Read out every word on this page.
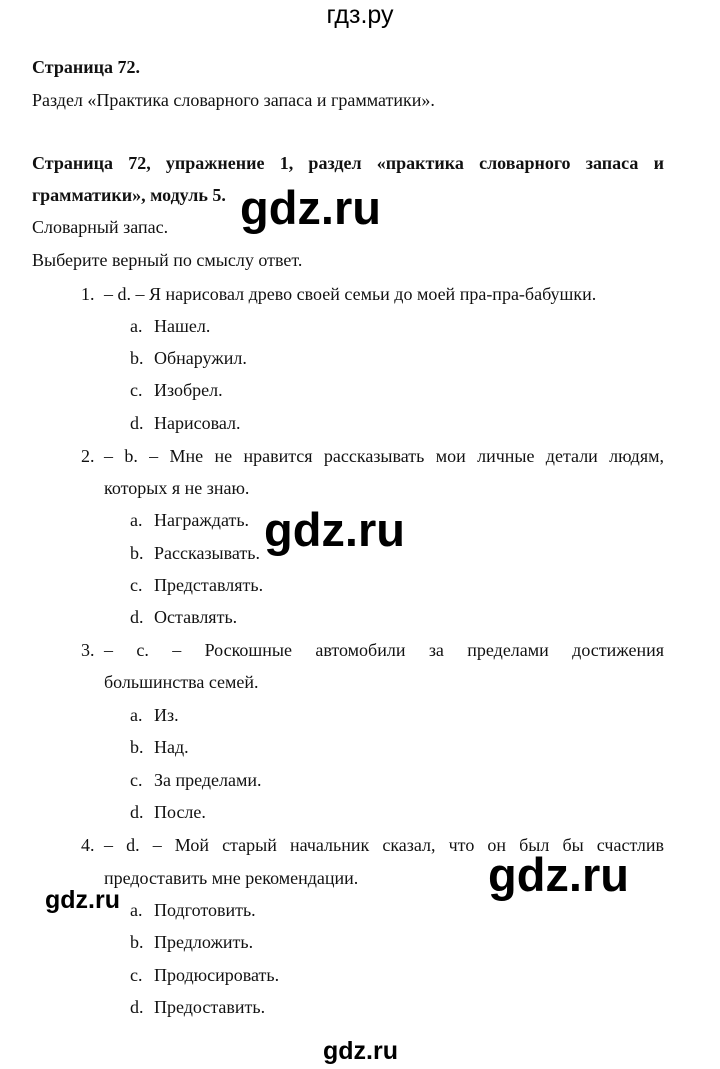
гдз.ру
Страница 72.
Раздел «Практика словарного запаса и грамматики».
Страница 72, упражнение 1, раздел «практика словарного запаса и
грамматики», модуль 5.
Словарный запас.
Выберите верный по смыслу ответ.
1. – d. – Я нарисовал древо своей семьи до моей пра-пра-бабушки.
a. Нашел.
b. Обнаружил.
c. Изобрел.
d. Нарисовал.
2. – b. – Мне не нравится рассказывать мои личные детали людям,
которых я не знаю.
a. Награждать.
b. Рассказывать.
c. Представлять.
d. Оставлять.
3. – c. – Роскошные автомобили за пределами достижения
большинства семей.
a. Из.
b. Над.
c. За пределами.
d. После.
4. – d. – Мой старый начальник сказал, что он был бы счастлив
предоставить мне рекомендации.
a. Подготовить.
b. Предложить.
c. Продюсировать.
d. Предоставить.
gdz.ru
gdz.ru
gdz.ru
gdz.ru
gdz.ru
